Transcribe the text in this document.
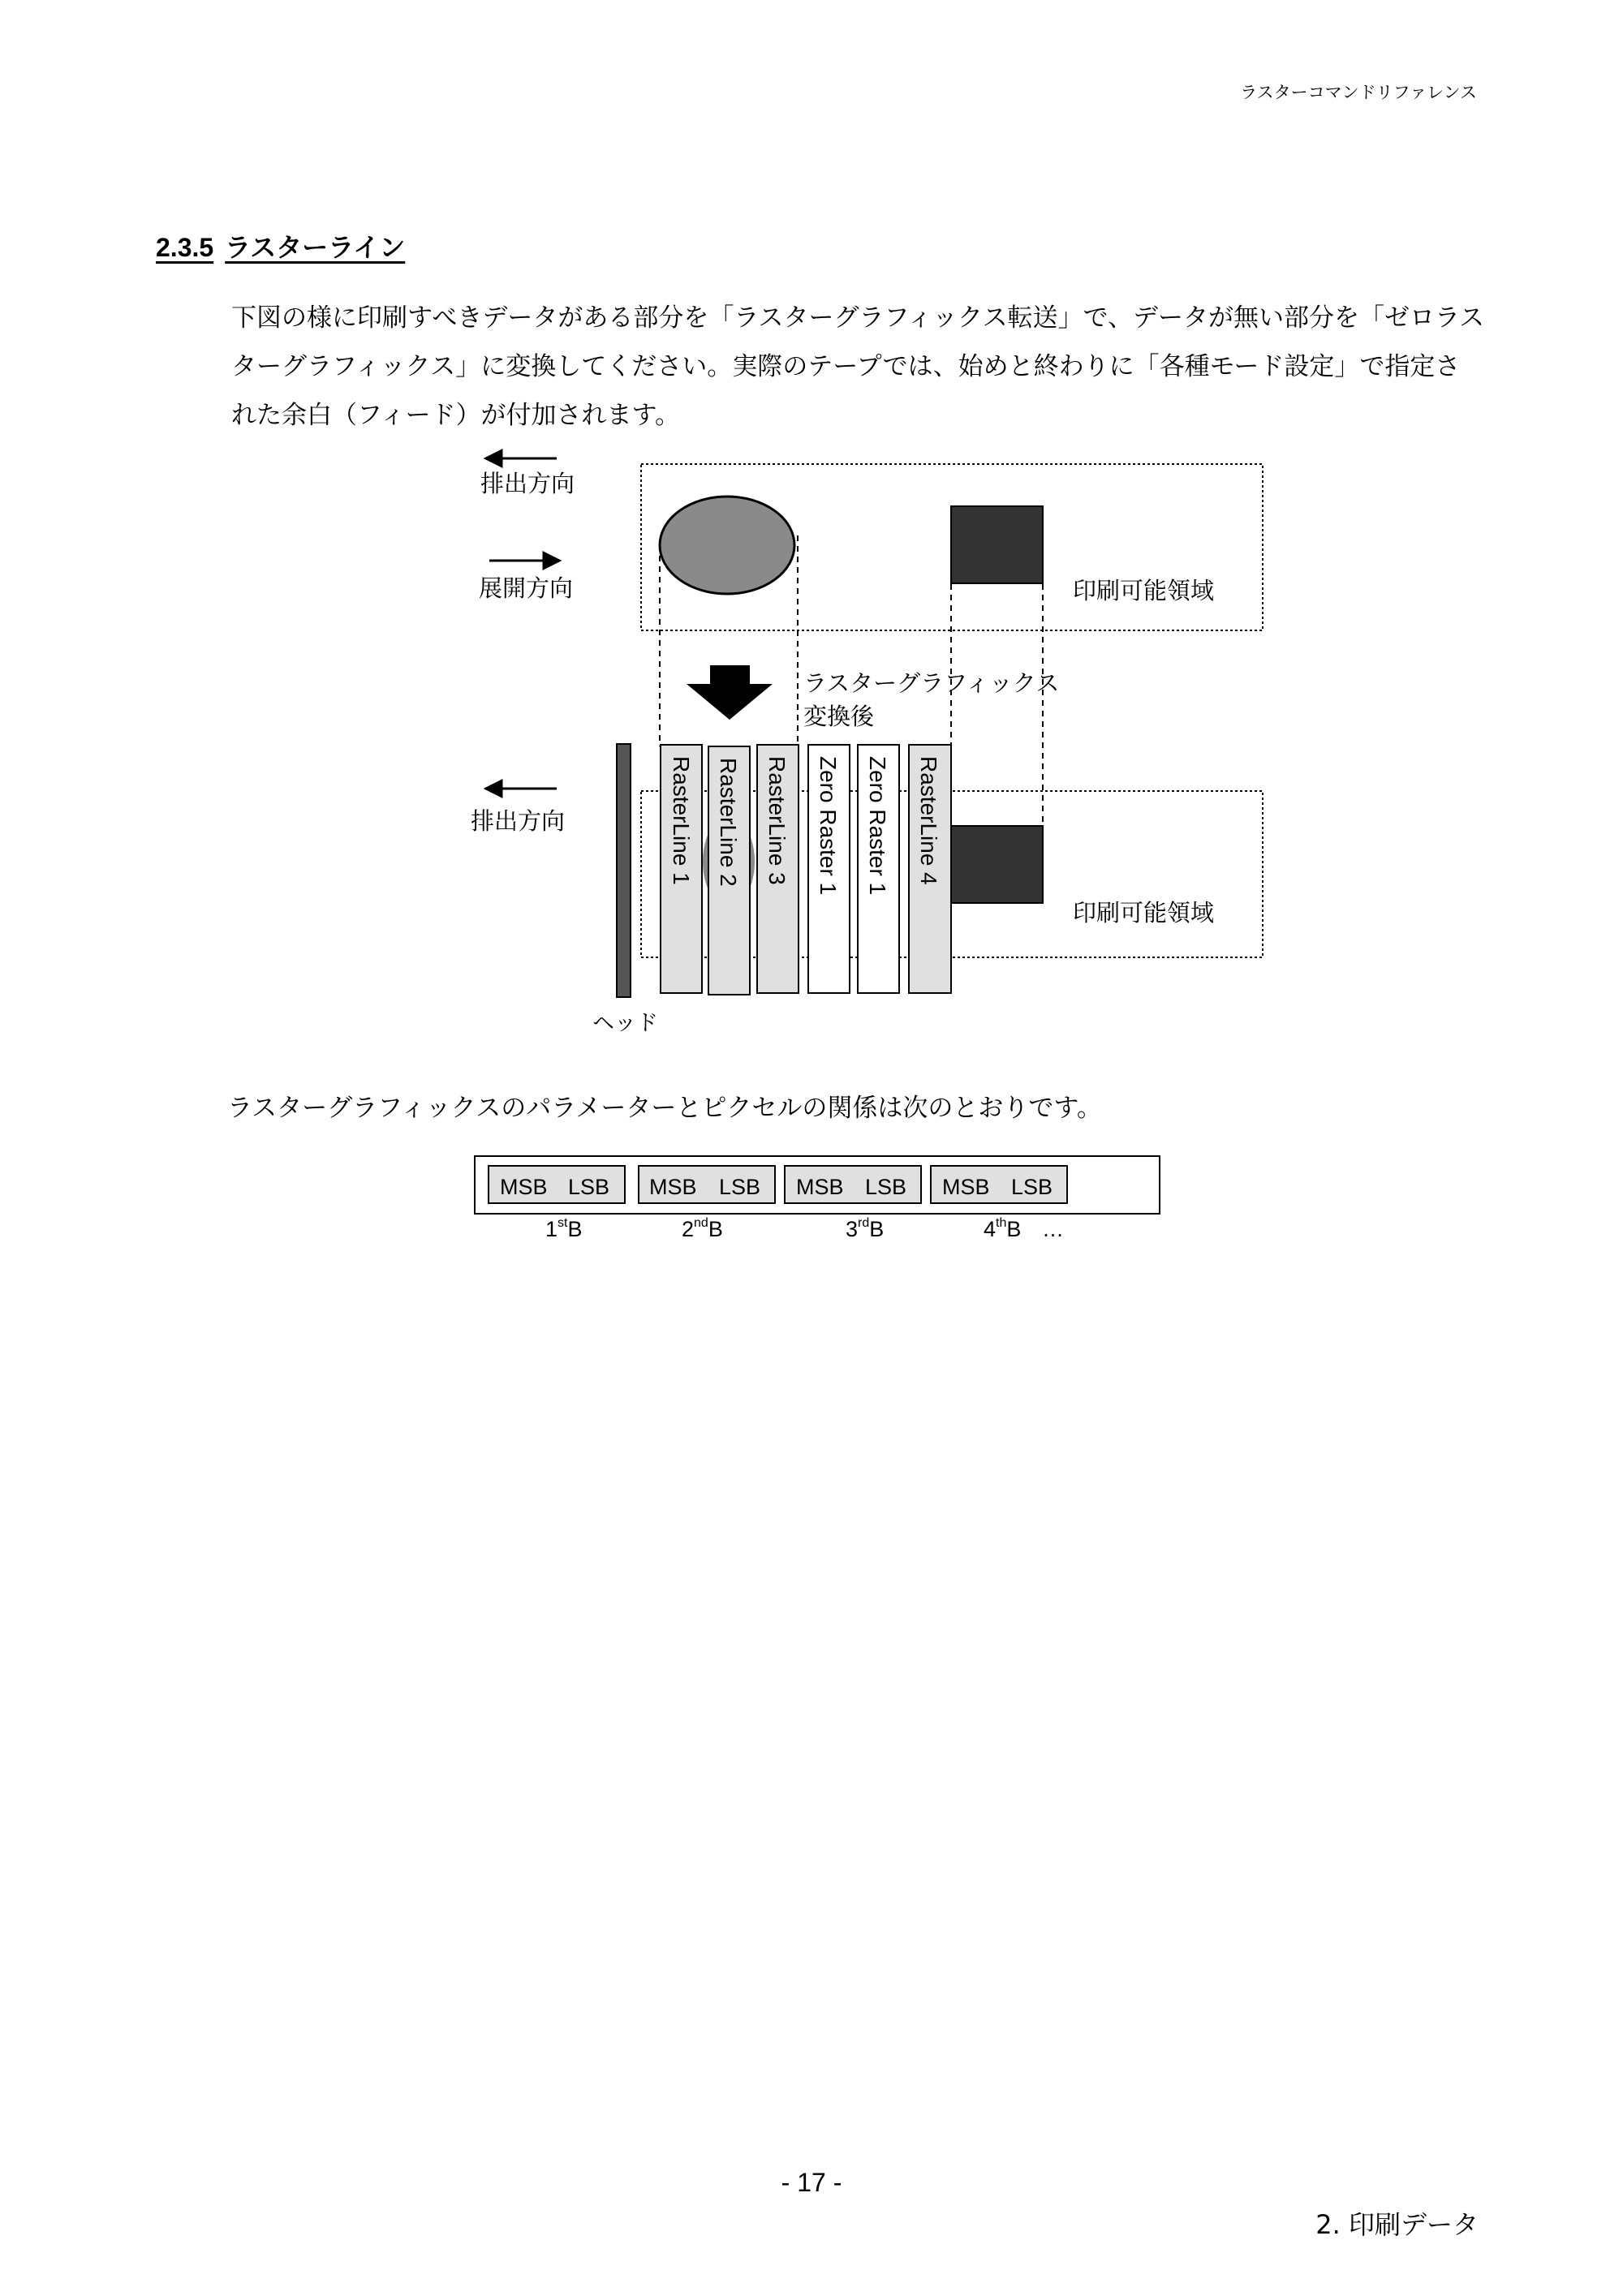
ラスターコマンドリファレンス
2.3.5 ラスターライン
下図の様に印刷すべきデータがある部分を「ラスターグラフィックス転送」で、データが無い部分を「ゼロラスターグラフィックス」に変換してください。実際のテープでは、始めと終わりに「各種モード設定」で指定された余白（フィード）が付加されます。
排出方向
展開方向	印刷可能領域
ラスターグラフィックス
変換後
排出方向
印刷可能領域
ヘッド
RasterLine 1 RasterLine 2 RasterLine 3 Zero Raster 1 Zero Raster 1 RasterLine 4
ラスターグラフィックスのパラメーターとピクセルの関係は次のとおりです。
MSB LSB MSB LSB MSB LSB MSB LSB
1stB	2ndB	3rdB	4thB …
- 17 -
2. 印刷データ
